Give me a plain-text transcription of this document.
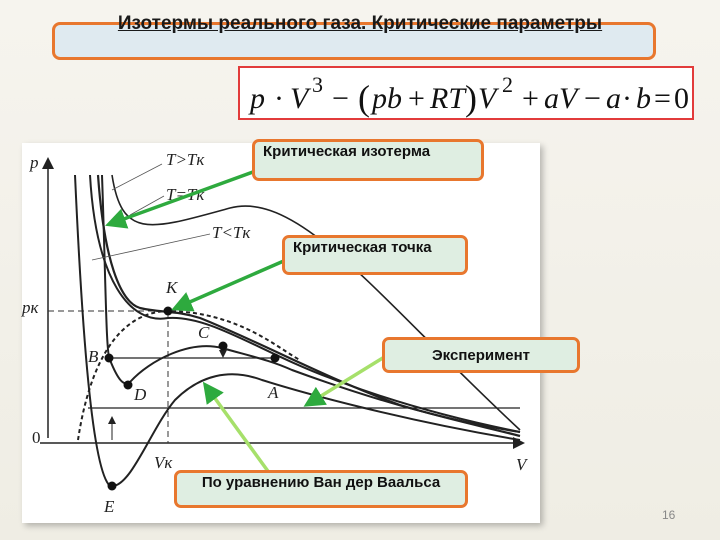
Изотермы реального газа. Критические параметры
p · V 3 − ( pb + RT ) V 2 + aV − a · b = 0
p
V
0
pк
Vк
T>Tк
T=Tк
T<Tк
K
C
B
D	A
E
Критическая изотерма
Критическая точка
Эксперимент
По уравнению Ван дер Ваальса
16
